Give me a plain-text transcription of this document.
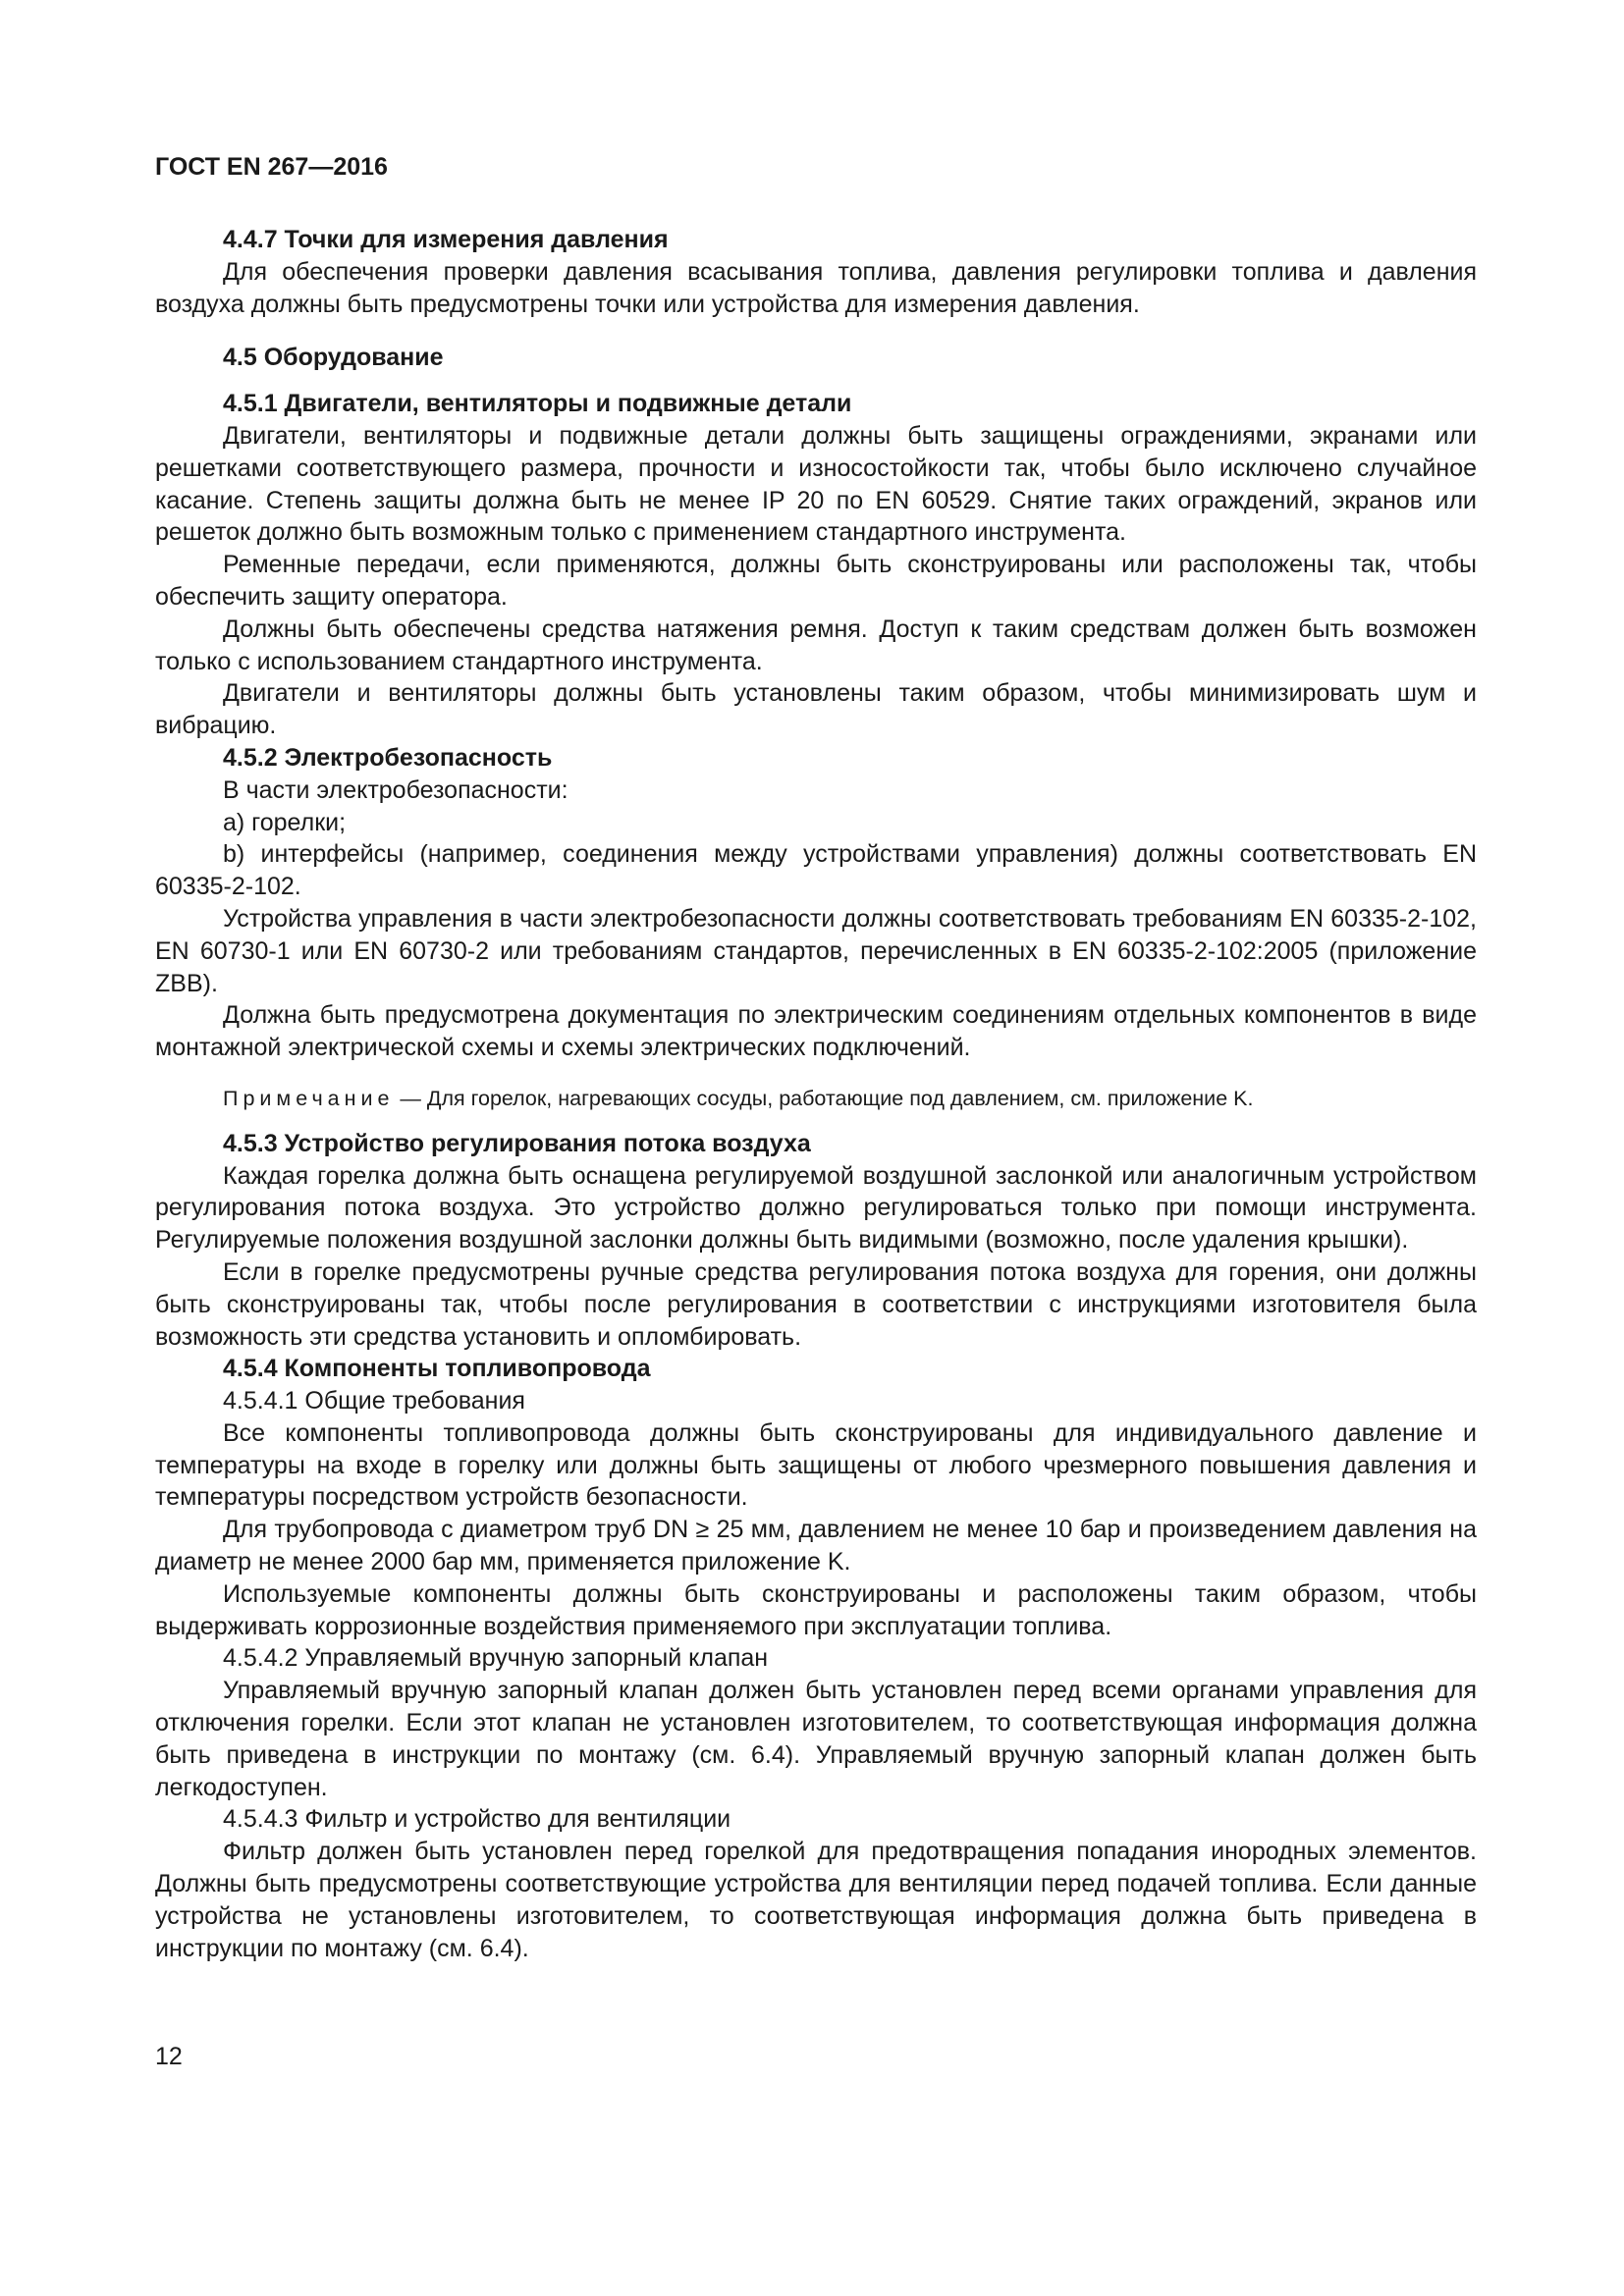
ГОСТ EN 267—2016

4.4.7 Точки для измерения давления

Для обеспечения проверки давления всасывания топлива, давления регулировки топлива и давления воздуха должны быть предусмотрены точки или устройства для измерения давления.

4.5 Оборудование

4.5.1 Двигатели, вентиляторы и подвижные детали

Двигатели, вентиляторы и подвижные детали должны быть защищены ограждениями, экранами или решетками соответствующего размера, прочности и износостойкости так, чтобы было исключено случайное касание. Степень защиты должна быть не менее IP 20 по EN 60529. Снятие таких ограждений, экранов или решеток должно быть возможным только с применением стандартного инструмента.

Ременные передачи, если применяются, должны быть сконструированы или расположены так, чтобы обеспечить защиту оператора.

Должны быть обеспечены средства натяжения ремня. Доступ к таким средствам должен быть возможен только с использованием стандартного инструмента.

Двигатели и вентиляторы должны быть установлены таким образом, чтобы минимизировать шум и вибрацию.

4.5.2 Электробезопасность

В части электробезопасности:

а) горелки;

b) интерфейсы (например, соединения между устройствами управления) должны соответствовать EN 60335-2-102.

Устройства управления в части электробезопасности должны соответствовать требованиям EN 60335-2-102, EN 60730-1 или EN 60730-2 или требованиям стандартов, перечисленных в EN 60335-2-102:2005 (приложение ZBB).

Должна быть предусмотрена документация по электрическим соединениям отдельных компонентов в виде монтажной электрической схемы и схемы электрических подключений.

Примечание — Для горелок, нагревающих сосуды, работающие под давлением, см. приложение K.

4.5.3 Устройство регулирования потока воздуха

Каждая горелка должна быть оснащена регулируемой воздушной заслонкой или аналогичным устройством регулирования потока воздуха. Это устройство должно регулироваться только при помощи инструмента. Регулируемые положения воздушной заслонки должны быть видимыми (возможно, после удаления крышки).

Если в горелке предусмотрены ручные средства регулирования потока воздуха для горения, они должны быть сконструированы так, чтобы после регулирования в соответствии с инструкциями изготовителя была возможность эти средства установить и опломбировать.

4.5.4 Компоненты топливопровода

4.5.4.1 Общие требования

Все компоненты топливопровода должны быть сконструированы для индивидуального давление и температуры на входе в горелку или должны быть защищены от любого чрезмерного повышения давления и температуры посредством устройств безопасности.

Для трубопровода с диаметром труб DN ≥ 25 мм, давлением не менее 10 бар и произведением давления на диаметр не менее 2000 бар мм, применяется приложение K.

Используемые компоненты должны быть сконструированы и расположены таким образом, чтобы выдерживать коррозионные воздействия применяемого при эксплуатации топлива.

4.5.4.2 Управляемый вручную запорный клапан

Управляемый вручную запорный клапан должен быть установлен перед всеми органами управления для отключения горелки. Если этот клапан не установлен изготовителем, то соответствующая информация должна быть приведена в инструкции по монтажу (см. 6.4). Управляемый вручную запорный клапан должен быть легкодоступен.

4.5.4.3 Фильтр и устройство для вентиляции

Фильтр должен быть установлен перед горелкой для предотвращения попадания инородных элементов. Должны быть предусмотрены соответствующие устройства для вентиляции перед подачей топлива. Если данные устройства не установлены изготовителем, то соответствующая информация должна быть приведена в инструкции по монтажу (см. 6.4).

12
